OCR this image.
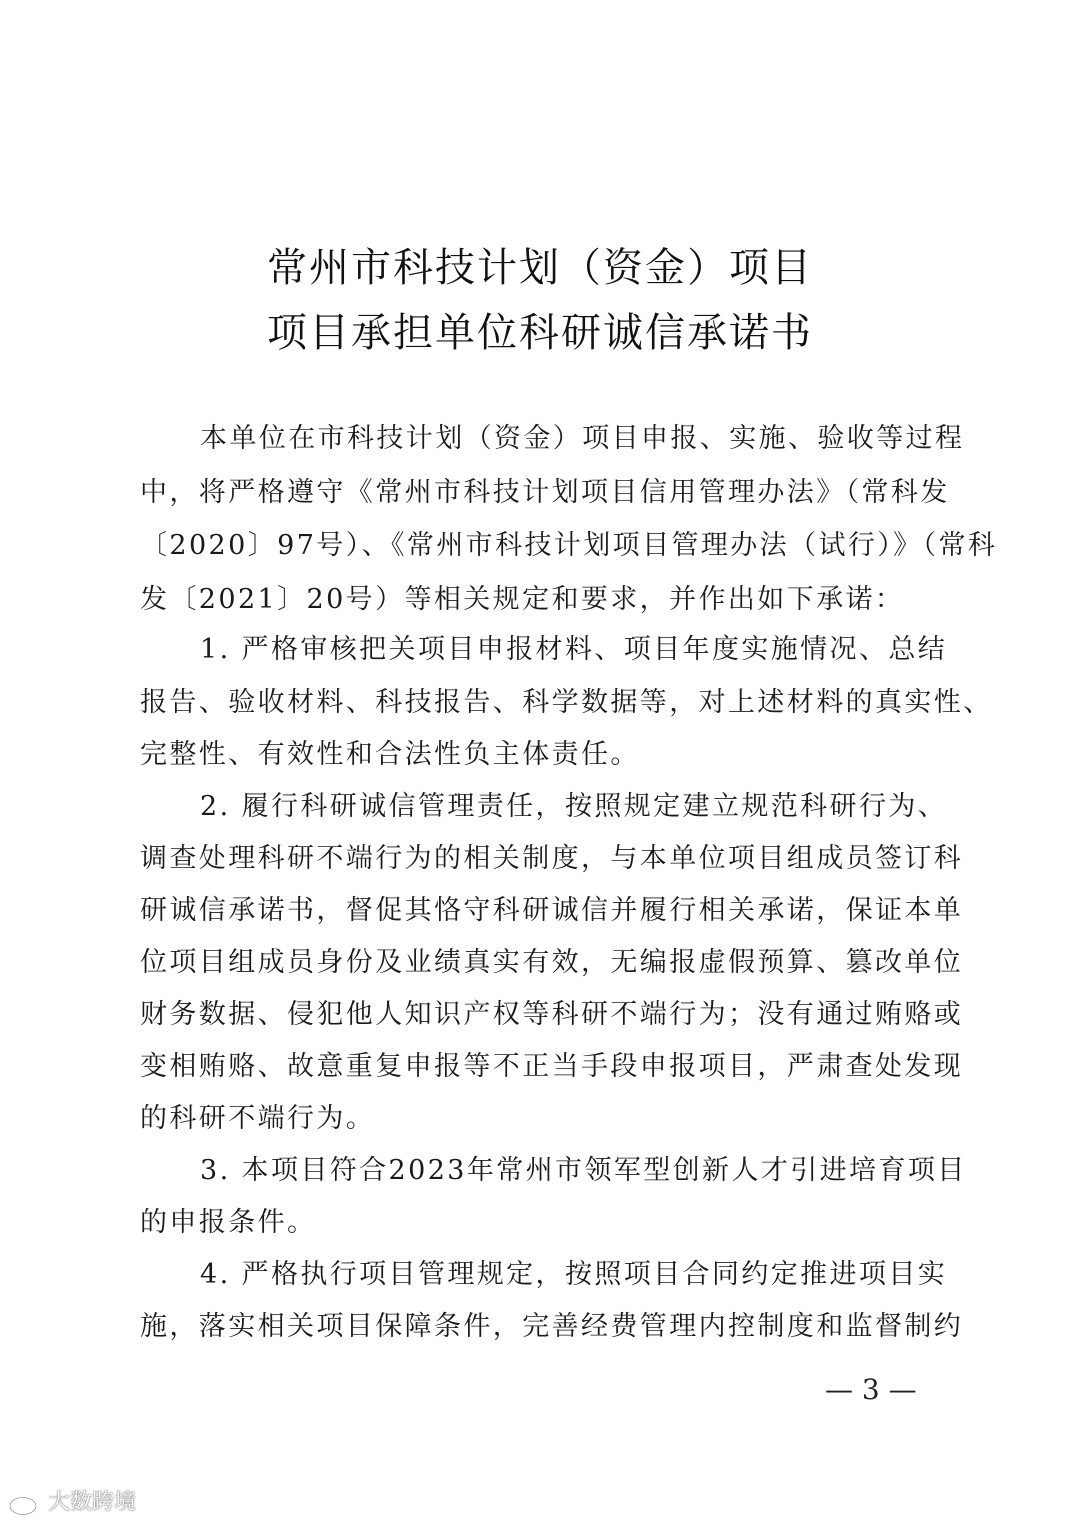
常州市科技计划（资金）项目
项目承担单位科研诚信承诺书
本单位在市科技计划（资金）项目申报、实施、验收等过程
中，将严格遵守《常州市科技计划项目信用管理办法》（常科发
〔2020〕97号）、《常州市科技计划项目管理办法（试行）》（常科
发〔2021〕20号）等相关规定和要求，并作出如下承诺：
1. 严格审核把关项目申报材料、项目年度实施情况、总结
报告、验收材料、科技报告、科学数据等，对上述材料的真实性、
完整性、有效性和合法性负主体责任。
2. 履行科研诚信管理责任，按照规定建立规范科研行为、
调查处理科研不端行为的相关制度，与本单位项目组成员签订科
研诚信承诺书，督促其恪守科研诚信并履行相关承诺，保证本单
位项目组成员身份及业绩真实有效，无编报虚假预算、篡改单位
财务数据、侵犯他人知识产权等科研不端行为；没有通过贿赂或
变相贿赂、故意重复申报等不正当手段申报项目，严肃查处发现
的科研不端行为。
3. 本项目符合2023年常州市领军型创新人才引进培育项目
的申报条件。
4. 严格执行项目管理规定，按照项目合同约定推进项目实
施，落实相关项目保障条件，完善经费管理内控制度和监督制约
— 3 —
大数跨境
